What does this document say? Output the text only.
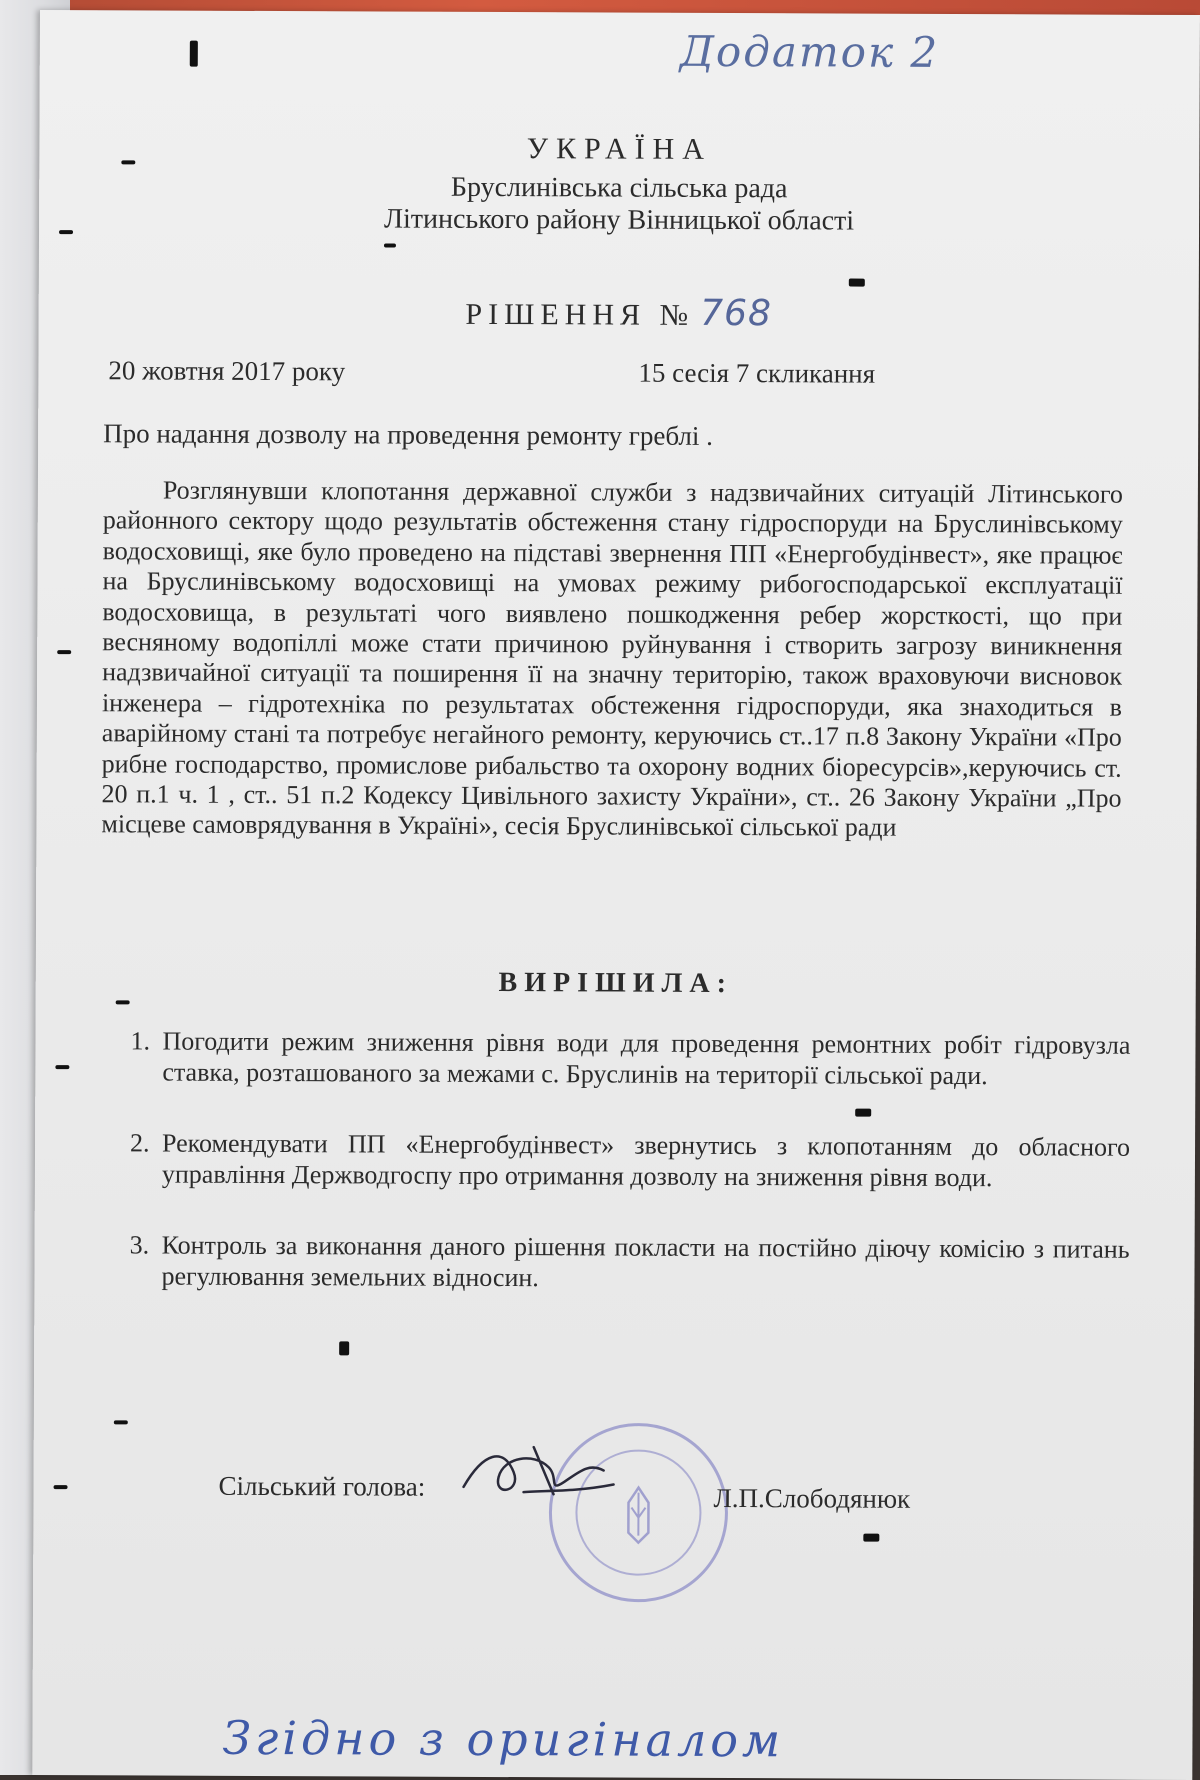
Додаток 2
УКРАЇНА
Бруслинівська сільська рада
Літинського району Вінницької області
РІШЕННЯ № 768
20 жовтня 2017 року	15 сесія 7 скликання
Про надання дозволу на проведення ремонту греблі .
Розглянувши клопотання державної служби з надзвичайних ситуацій Літинського районного сектору щодо результатів обстеження стану гідроспоруди на Бруслинівському водосховищі, яке було проведено на підставі звернення ПП «Енергобудінвест», яке працює на Бруслинівському водосховищі на умовах режиму рибогосподарської експлуатації водосховища, в результаті чого виявлено пошкодження ребер жорсткості, що при весняному водопіллі може стати причиною руйнування і створить загрозу виникнення надзвичайної ситуації та поширення її на значну територію, також враховуючи висновок інженера – гідротехніка по результатах обстеження гідроспоруди, яка знаходиться в аварійному стані та потребує негайного ремонту, керуючись ст..17 п.8 Закону України «Про рибне господарство, промислове рибальство та охорону водних біоресурсів»,керуючись ст. 20 п.1 ч. 1 , ст.. 51 п.2 Кодексу Цивільного захисту України», ст.. 26 Закону України „Про місцеве самоврядування в Україні», сесія Бруслинівської сільської ради
ВИРІШИЛА:
1. Погодити режим зниження рівня води для проведення ремонтних робіт гідровузла ставка, розташованого за межами с. Бруслинів на території сільської ради.
2. Рекомендувати ПП «Енергобудінвест» звернутись з клопотанням до обласного управління Держводгоспу про отримання дозволу на зниження рівня води.
3. Контроль за виконання даного рішення покласти на постійно діючу комісію з питань регулювання земельних відносин.
Сільський голова:	Л.П.Слободянюк
Згідно з оригіналом
